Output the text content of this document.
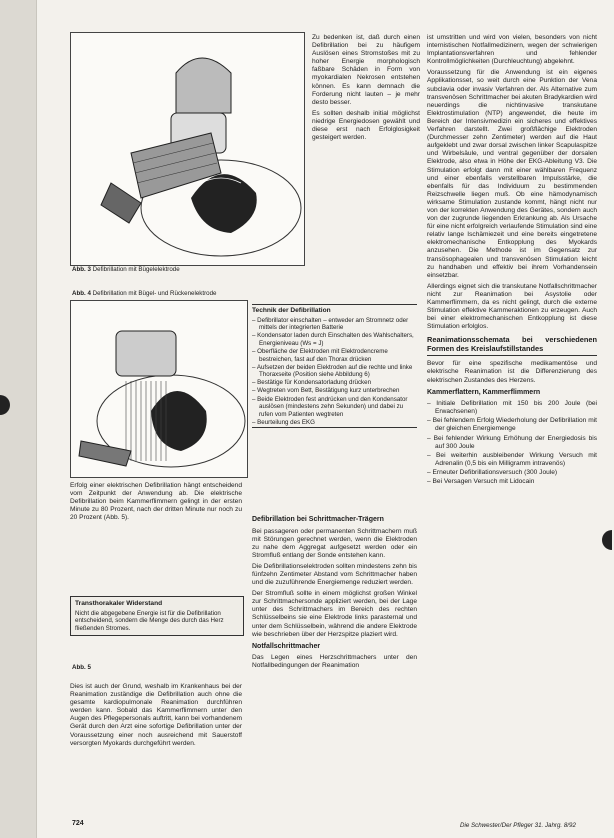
Abb. 3 Defibrillation mit Bügelelektrode

Zu bedenken ist, daß durch einen Defibrillation bei zu häufigem Auslösen eines Stromstoßes mit zu hoher Energie morphologisch faßbare Schäden in Form von myokardialen Nekrosen entstehen können. Es kann demnach die Forderung nicht lauten – je mehr desto besser.

Es sollten deshalb initial möglichst niedrige Energiedosen gewählt und diese erst nach Erfolglosigkeit gesteigert werden.

Abb. 4 Defibrillation mit Bügel- und Rückenelektrode
Technik der Defibrillation
– Defibrillator einschalten – entweder am Stromnetz oder mittels der integrierten Batterie
– Kondensator laden durch Einschalten des Wahlschalters, Energieniveau (Ws = J)
– Oberfläche der Elektroden mit Elektrodencreme bestreichen, fast auf den Thorax drücken
– Aufsetzen der beiden Elektroden auf die rechte und linke Thoraxseite (Position siehe Abbildung 6)
– Bestätige für Kondensatorladung drücken
– Wegtreten vom Bett, Bestätigung kurz unterbrechen
– Beide Elektroden fest andrücken und den Kondensator auslösen (mindestens zehn Sekunden) und dabei zu rufen vom Patienten wegtreten
– Beurteilung des EKG

Erfolg einer elektrischen Defibrillation hängt entscheidend vom Zeitpunkt der Anwendung ab. Die elektrische Defibrillation beim Kammerflimmern gelingt in der ersten Minute zu 80 Prozent, nach der dritten Minute nur noch zu 20 Prozent (Abb. 5).

Transthorakaler Widerstand
Nicht die abgegebene Energie ist für die Defibrillation entscheidend, sondern die Menge des durch das Herz fließenden Stromes.
Abb. 5

Dies ist auch der Grund, weshalb im Krankenhaus bei der Reanimation zuständige die Defibrillation auch ohne die gesamte kardiopulmonale Reanimation durchführen werden kann. Sobald das Kammerflimmern unter den Augen des Pflegepersonals auftritt, kann bei vorhandenem Gerät durch den Arzt eine sofortige Defibrillation unter der Voraussetzung einer noch ausreichend mit Sauerstoff versorgten Myokards durchgeführt werden.

Defibrillation bei Schrittmacher-Trägern

Bei passageren oder permanenten Schrittmachern muß mit Störungen gerechnet werden, wenn die Elektroden zu nahe dem Aggregat aufgesetzt werden oder ein Stromfluß entlang der Sonde entstehen kann.

Die Defibrillationselektroden sollten mindestens zehn bis fünfzehn Zentimeter Abstand vom Schrittmacher haben und die zuzuführende Energiemenge reduziert werden.

Der Stromfluß sollte in einem möglichst großen Winkel zur Schrittmachersonde appliziert werden, bei der Lage unter des Schrittmachers im Bereich des rechten Schlüsselbeins sie eine Elektrode links parasternal und unter dem Schlüsselbein, während die andere Elektrode wie beschrieben über der Herzspitze plaziert wird.

Notfallschrittmacher

Das Legen eines Herzschrittmachers unter den Notfallbedingungen der Reanimation

ist umstritten und wird von vielen, besonders von nicht internistischen Notfallmedizinern, wegen der schwierigen Implantationsverfahren und fehlender Kontrollmöglichkeiten (Durchleuchtung) abgelehnt.

Voraussetzung für die Anwendung ist ein eigenes Applikationsset, so weit durch eine Punktion der Vena subclavia oder invasiv Verfahren der. Als Alternative zum transvenösen Schrittmacher bei akuten Bradykardien wird neuerdings die nichtinvasive transkutane Elektrostimulation (NTP) angewendet, die heute im Bereich der Intensivmedizin ein sicheres und effektives Verfahren darstellt. Zwei großflächige Elektroden (Durchmesser zehn Zentimeter) werden auf die Haut aufgeklebt und zwar dorsal zwischen linker Scapulaspitze und Wirbelsäule, und ventral gegenüber der dorsalen Elektrode, also etwa in Höhe der EKG-Ableitung V3. Die Stimulation erfolgt dann mit einer wählbaren Frequenz und einer ebenfalls verstellbaren Impulsstärke, die ebenfalls für das Individuum zu bestimmenden Reizschwelle liegen muß. Ob eine hämodynamisch wirksame Stimulation zustande kommt, hängt nicht nur von der korrekten Anwendung des Gerätes, sondern auch von der zugrunde liegenden Erkrankung ab. Als Ursache für eine nicht erfolgreich verlaufende Stimulation sind eine relativ lange Ischämiezeit und eine bereits eingetretene elektromechanische Entkopplung des Myokards anzusehen. Die Methode ist im Gegensatz zur transösophagealen und transvenösen Stimulation leicht zu handhaben und effektiv bei ihrem Vorhandensein einsetzbar.

Allerdings eignet sich die transkutane Notfallschrittmacher nicht zur Reanimation bei Asystolie oder Kammerflimmern, da es nicht gelingt, durch die externe Stimulation effektive Kammeraktionen zu erzeugen. Auch bei einer elektromechanischen Entkopplung ist diese Stimulation erfolglos.

Reanimationsschemata bei verschiedenen Formen des Kreislaufstillstandes

Bevor für eine spezifische medikamentöse und elektrische Reanimation ist die Differenzierung des elektrischen Zustandes des Herzens.

Kammerflattern, Kammerflimmern
– Initiale Defibrillation mit 150 bis 200 Joule (bei Erwachsenen)
– Bei fehlendem Erfolg Wiederholung der Defibrillation mit der gleichen Energiemenge
– Bei fehlender Wirkung Erhöhung der Energiedosis bis auf 300 Joule
– Bei weiterhin ausbleibender Wirkung Versuch mit Adrenalin (0,5 bis ein Milligramm intravenös)
– Erneuter Defibrillationsversuch (300 Joule)
– Bei Versagen Versuch mit Lidocain
724	Die Schwester/Der Pfleger 31. Jahrg. 8/92
